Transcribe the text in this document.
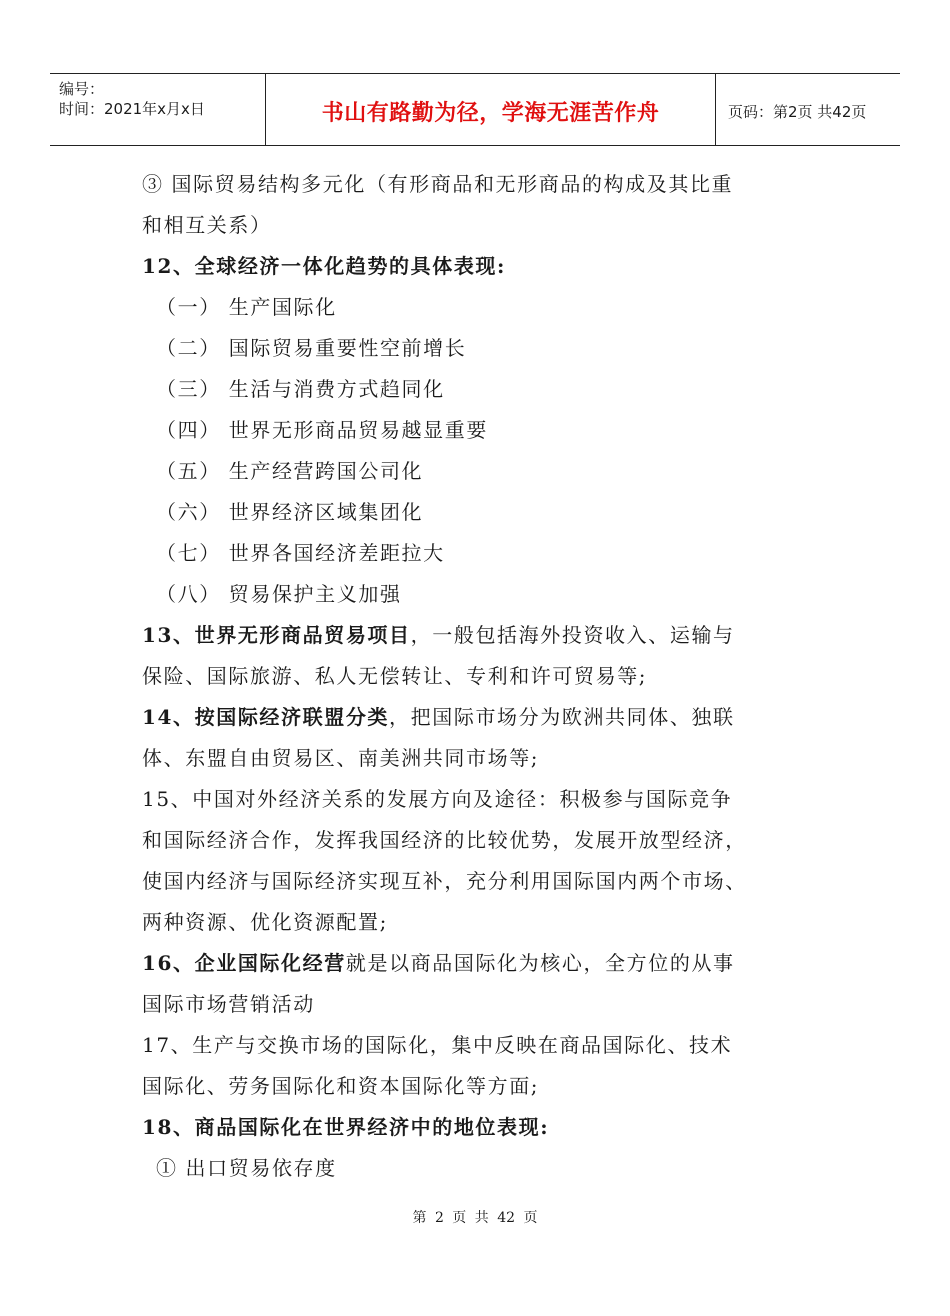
编号：
时间：2021年x月x日	书山有路勤为径，学海无涯苦作舟	页码：第2页 共42页
③ 国际贸易结构多元化（有形商品和无形商品的构成及其比重
和相互关系）
12、全球经济一体化趋势的具体表现:
（一） 生产国际化
（二） 国际贸易重要性空前增长
（三） 生活与消费方式趋同化
（四） 世界无形商品贸易越显重要
（五） 生产经营跨国公司化
（六） 世界经济区域集团化
（七） 世界各国经济差距拉大
（八） 贸易保护主义加强
13、世界无形商品贸易项目，一般包括海外投资收入、运输与
保险、国际旅游、私人无偿转让、专利和许可贸易等;
14、按国际经济联盟分类，把国际市场分为欧洲共同体、独联
体、东盟自由贸易区、南美洲共同市场等;
15、中国对外经济关系的发展方向及途径：积极参与国际竞争
和国际经济合作，发挥我国经济的比较优势，发展开放型经济，
使国内经济与国际经济实现互补，充分利用国际国内两个市场、
两种资源、优化资源配置;
16、企业国际化经营就是以商品国际化为核心，全方位的从事
国际市场营销活动
17、生产与交换市场的国际化，集中反映在商品国际化、技术
国际化、劳务国际化和资本国际化等方面;
18、商品国际化在世界经济中的地位表现:
① 出口贸易依存度
第 2 页 共 42 页
